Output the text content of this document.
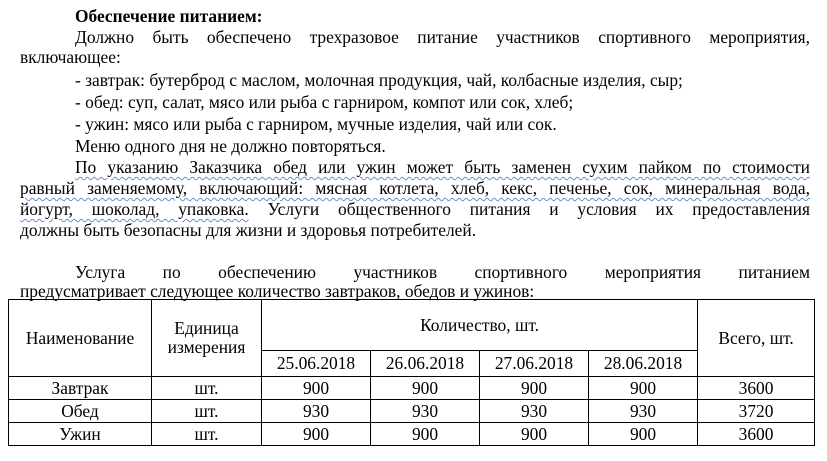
Обеспечение питанием:
Должно быть обеспечено трехразовое питание участников спортивного мероприятия,
включающее:
- завтрак: бутерброд с маслом, молочная продукция, чай, колбасные изделия, сыр;
- обед: суп, салат, мясо или рыба с гарниром, компот или сок, хлеб;
- ужин: мясо или рыба с гарниром, мучные изделия, чай или сок.
Меню одного дня не должно повторяться.
По указанию Заказчика обед или ужин может быть заменен сухим пайком по стоимости
равный заменяемому, включающий: мясная котлета, хлеб, кекс, печенье, сок, минеральная вода,
йогурт, шоколад, упаковка. Услуги общественного питания и условия их предоставления
должны быть безопасны для жизни и здоровья потребителей.
Услуга по обеспечению участников спортивного мероприятия питанием
предусматривает следующее количество завтраков, обедов и ужинов:
Наименование	Единица измерения	Количество, шт.				Всего, шт.
		25.06.2018	26.06.2018	27.06.2018	28.06.2018	
Завтрак	шт.	900	900	900	900	3600
Обед	шт.	930	930	930	930	3720
Ужин	шт.	900	900	900	900	3600
